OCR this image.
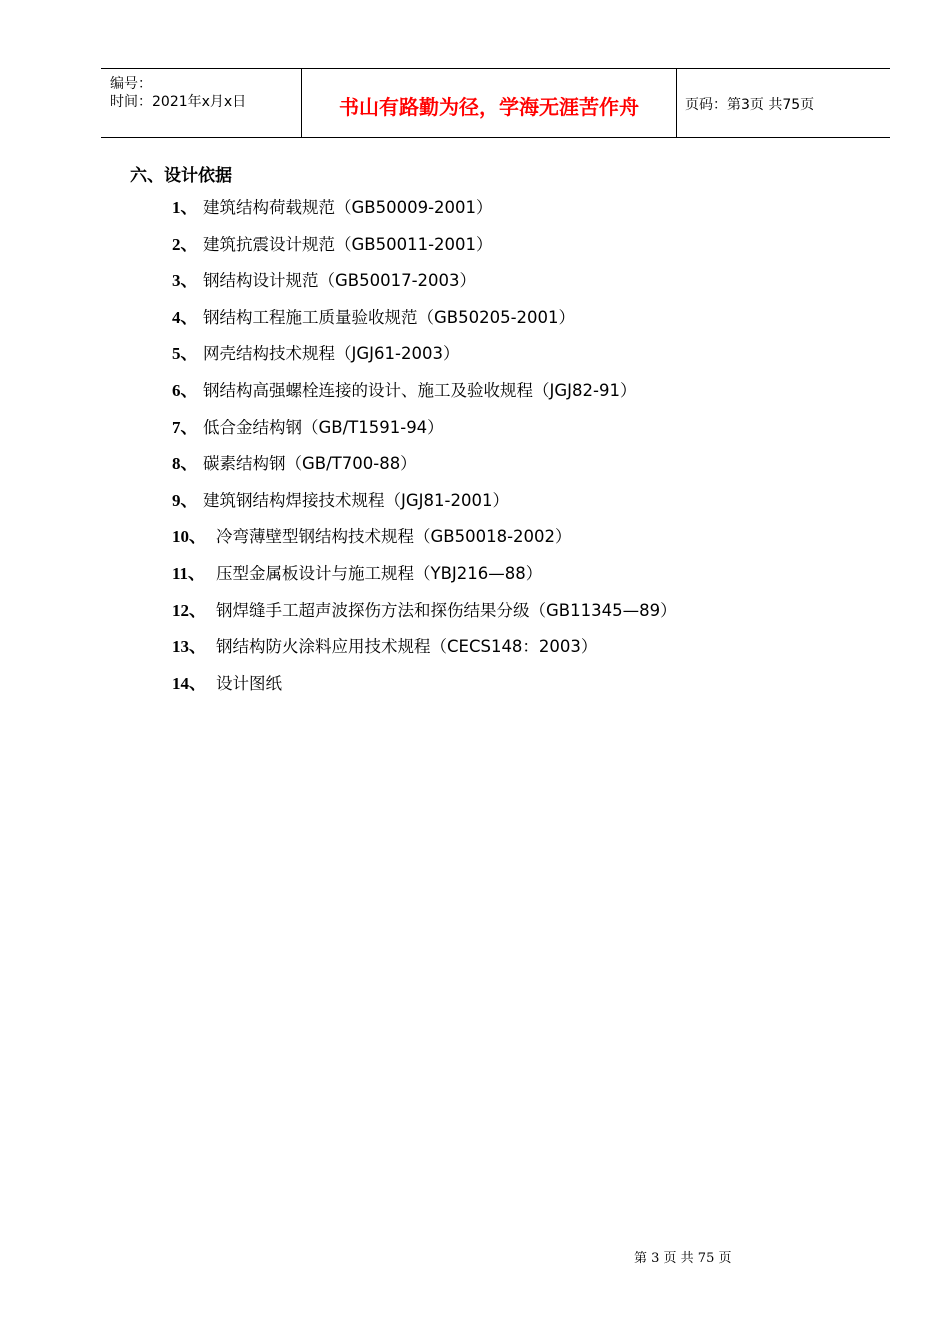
编号：
时间：2021年x月x日	书山有路勤为径，学海无涯苦作舟	页码：第3页 共75页
六、设计依据
1、 建筑结构荷载规范（GB50009-2001）
2、 建筑抗震设计规范（GB50011-2001）
3、 钢结构设计规范（GB50017-2003）
4、 钢结构工程施工质量验收规范（GB50205-2001）
5、 网壳结构技术规程（JGJ61-2003）
6、 钢结构高强螺栓连接的设计、施工及验收规程（JGJ82-91）
7、 低合金结构钢（GB/T1591-94）
8、 碳素结构钢（GB/T700-88）
9、 建筑钢结构焊接技术规程（JGJ81-2001）
10、 冷弯薄壁型钢结构技术规程（GB50018-2002）
11、 压型金属板设计与施工规程（YBJ216—88）
12、 钢焊缝手工超声波探伤方法和探伤结果分级（GB11345—89）
13、 钢结构防火涂料应用技术规程（CECS148：2003）
14、 设计图纸
第 3 页 共 75 页
